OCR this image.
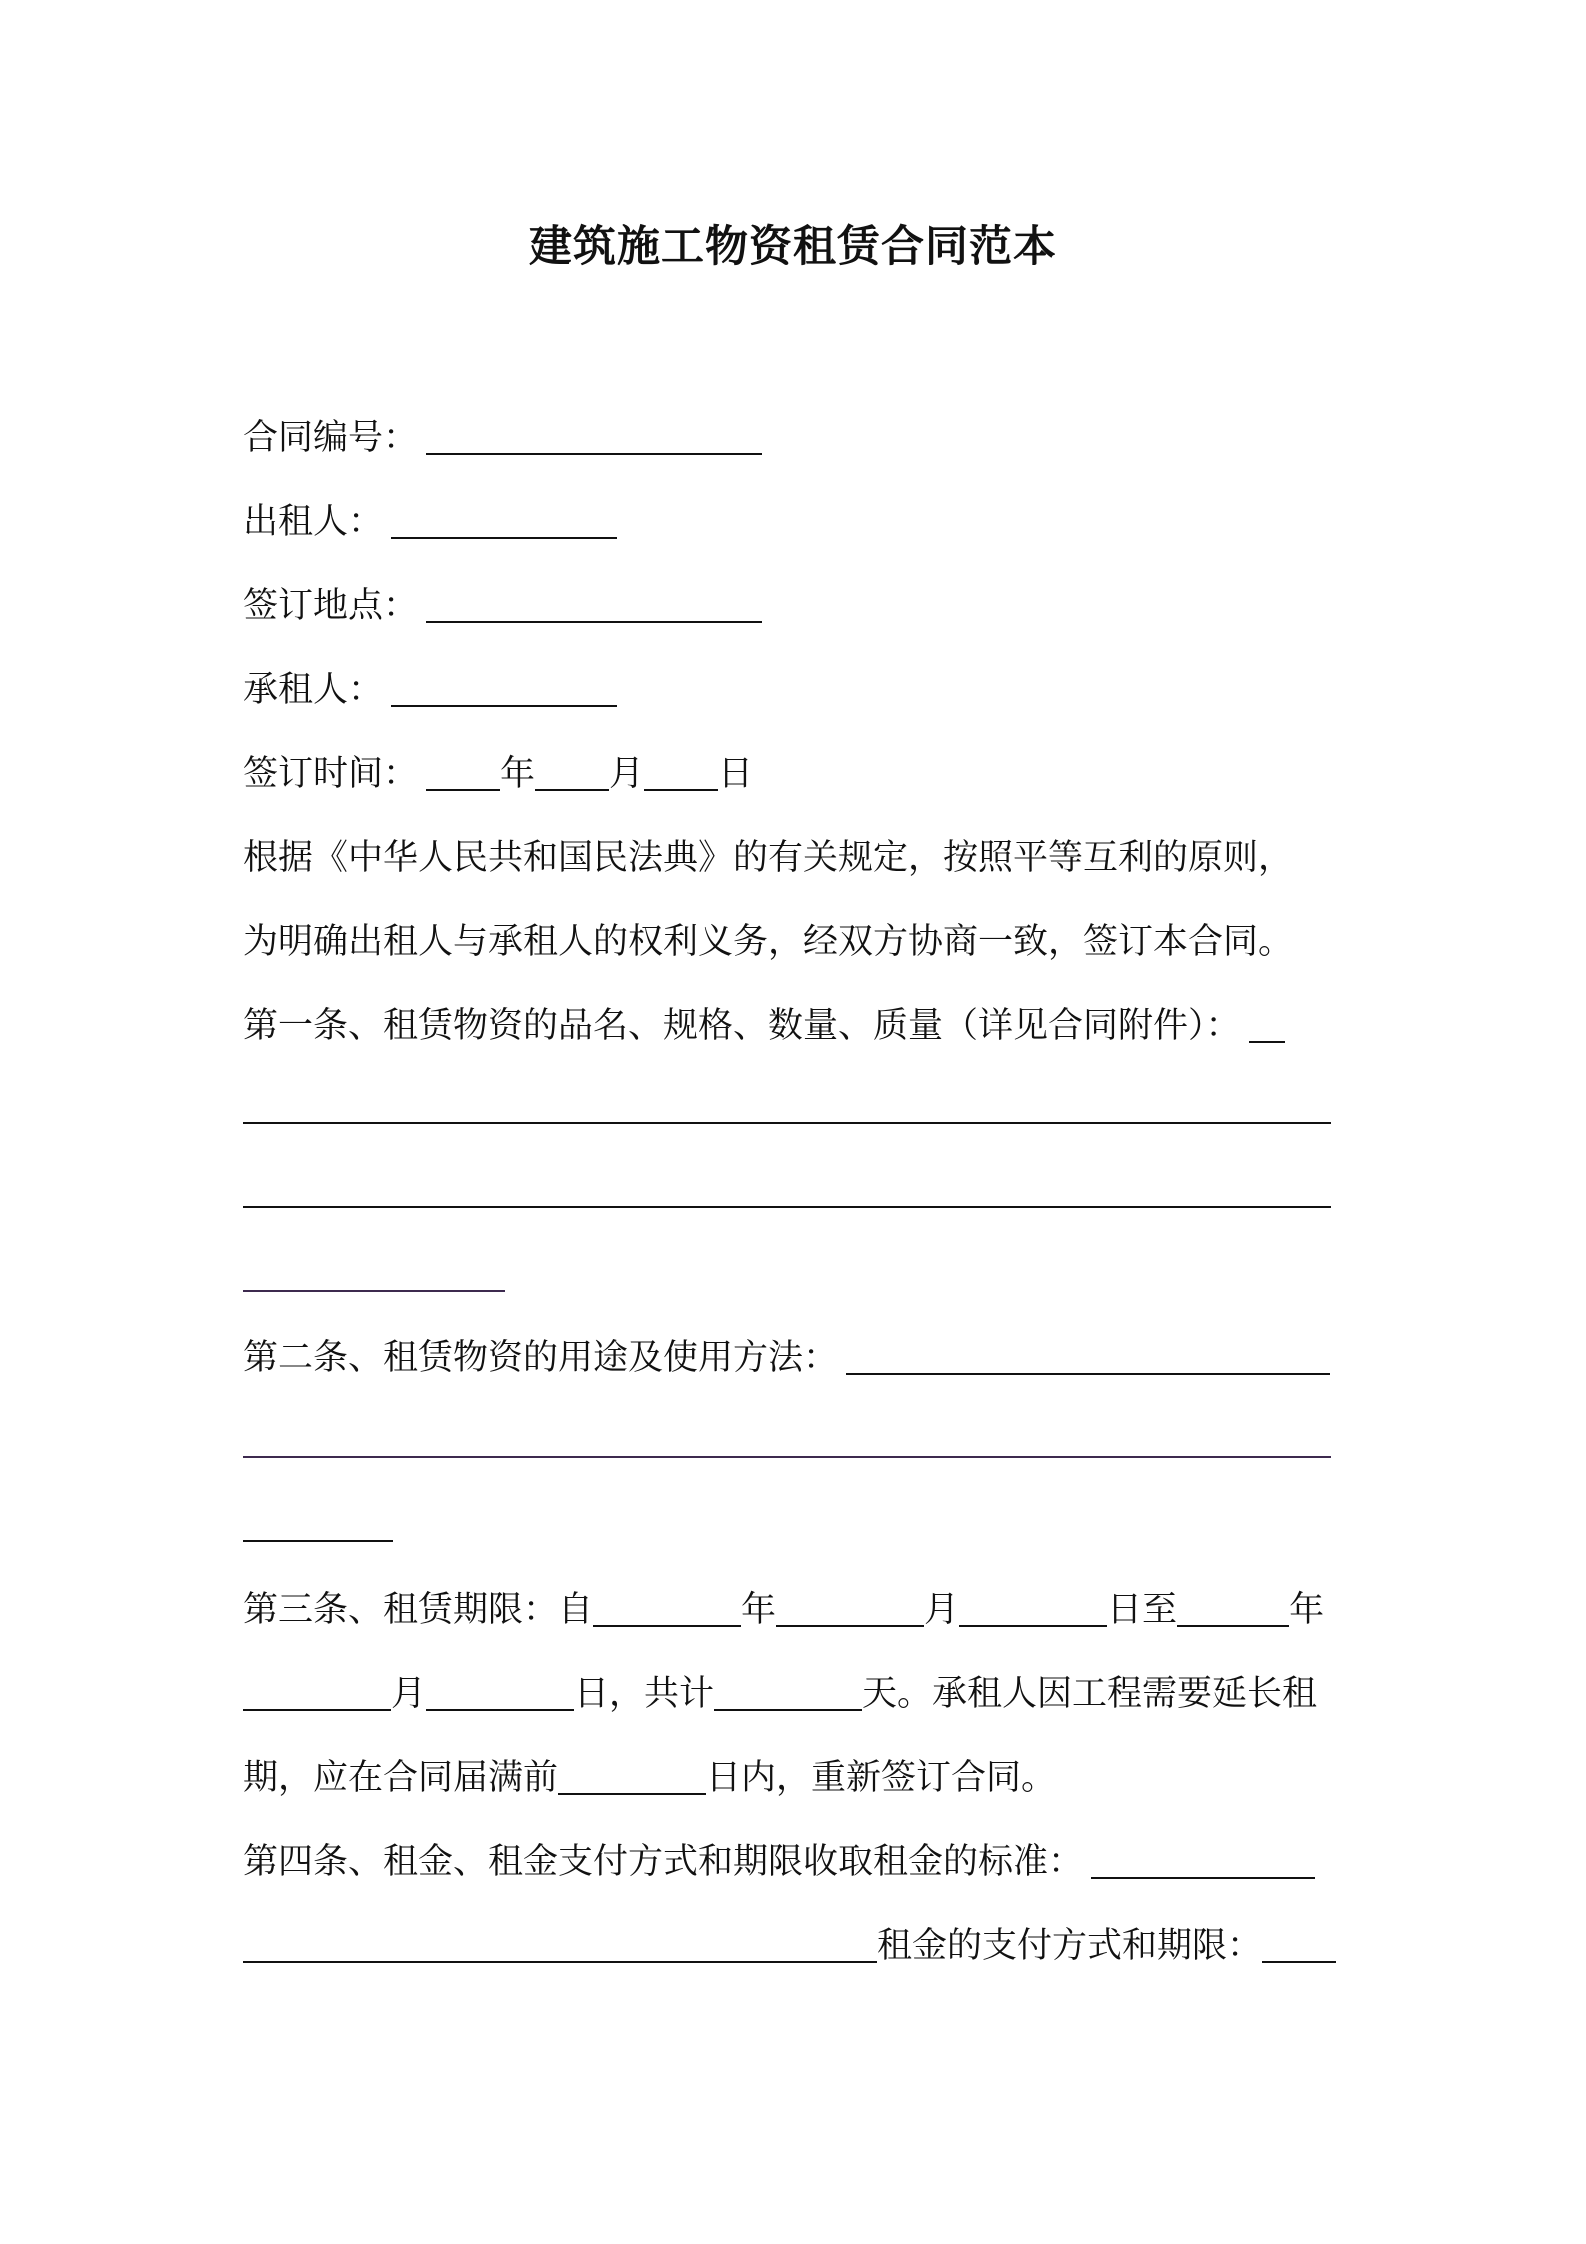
建筑施工物资租赁合同范本
合同编号：
出租人：
签订地点：
承租人：
签订时间： 年 月 日
根据《中华人民共和国民法典》的有关规定，按照平等互利的原则，
为明确出租人与承租人的权利义务，经双方协商一致，签订本合同。
第一条、租赁物资的品名、规格、数量、质量（详见合同附件）：
第二条、租赁物资的用途及使用方法：
第三条、租赁期限：自	年	月	日至	年
月	日，共计	天。承租人因工程需要延长租
期，应在合同届满前	日内，重新签订合同。
第四条、租金、租金支付方式和期限收取租金的标准：
租金的支付方式和期限：
